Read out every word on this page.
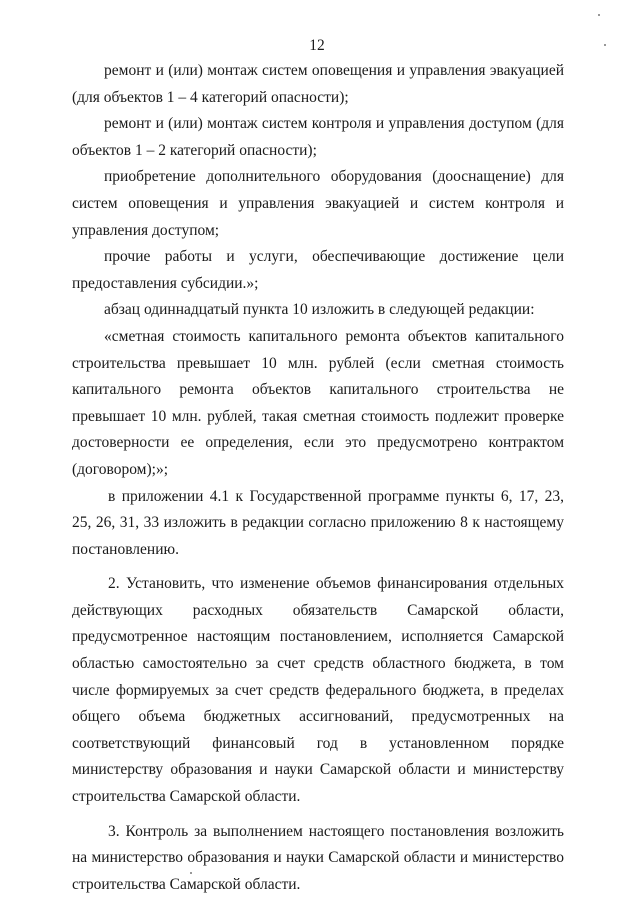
12

ремонт и (или) монтаж систем оповещения и управления эвакуацией (для объектов 1 – 4 категорий опасности);

ремонт и (или) монтаж систем контроля и управления доступом (для объектов 1 – 2 категорий опасности);

приобретение дополнительного оборудования (дооснащение) для систем оповещения и управления эвакуацией и систем контроля и управления доступом;

прочие работы и услуги, обеспечивающие достижение цели предоставления субсидии.»;

абзац одиннадцатый пункта 10 изложить в следующей редакции:

«сметная стоимость капитального ремонта объектов капитального строительства превышает 10 млн. рублей (если сметная стоимость капитального ремонта объектов капитального строительства не превышает 10 млн. рублей, такая сметная стоимость подлежит проверке достоверности ее определения, если это предусмотрено контрактом (договором);»;

в приложении 4.1 к Государственной программе пункты 6, 17, 23, 25, 26, 31, 33 изложить в редакции согласно приложению 8 к настоящему постановлению.

2. Установить, что изменение объемов финансирования отдельных действующих расходных обязательств Самарской области, предусмотренное настоящим постановлением, исполняется Самарской областью самостоятельно за счет средств областного бюджета, в том числе формируемых за счет средств федерального бюджета, в пределах общего объема бюджетных ассигнований, предусмотренных на соответствующий финансовый год в установленном порядке министерству образования и науки Самарской области и министерству строительства Самарской области.

3. Контроль за выполнением настоящего постановления возложить на министерство образования и науки Самарской области и министерство строительства Самарской области.
